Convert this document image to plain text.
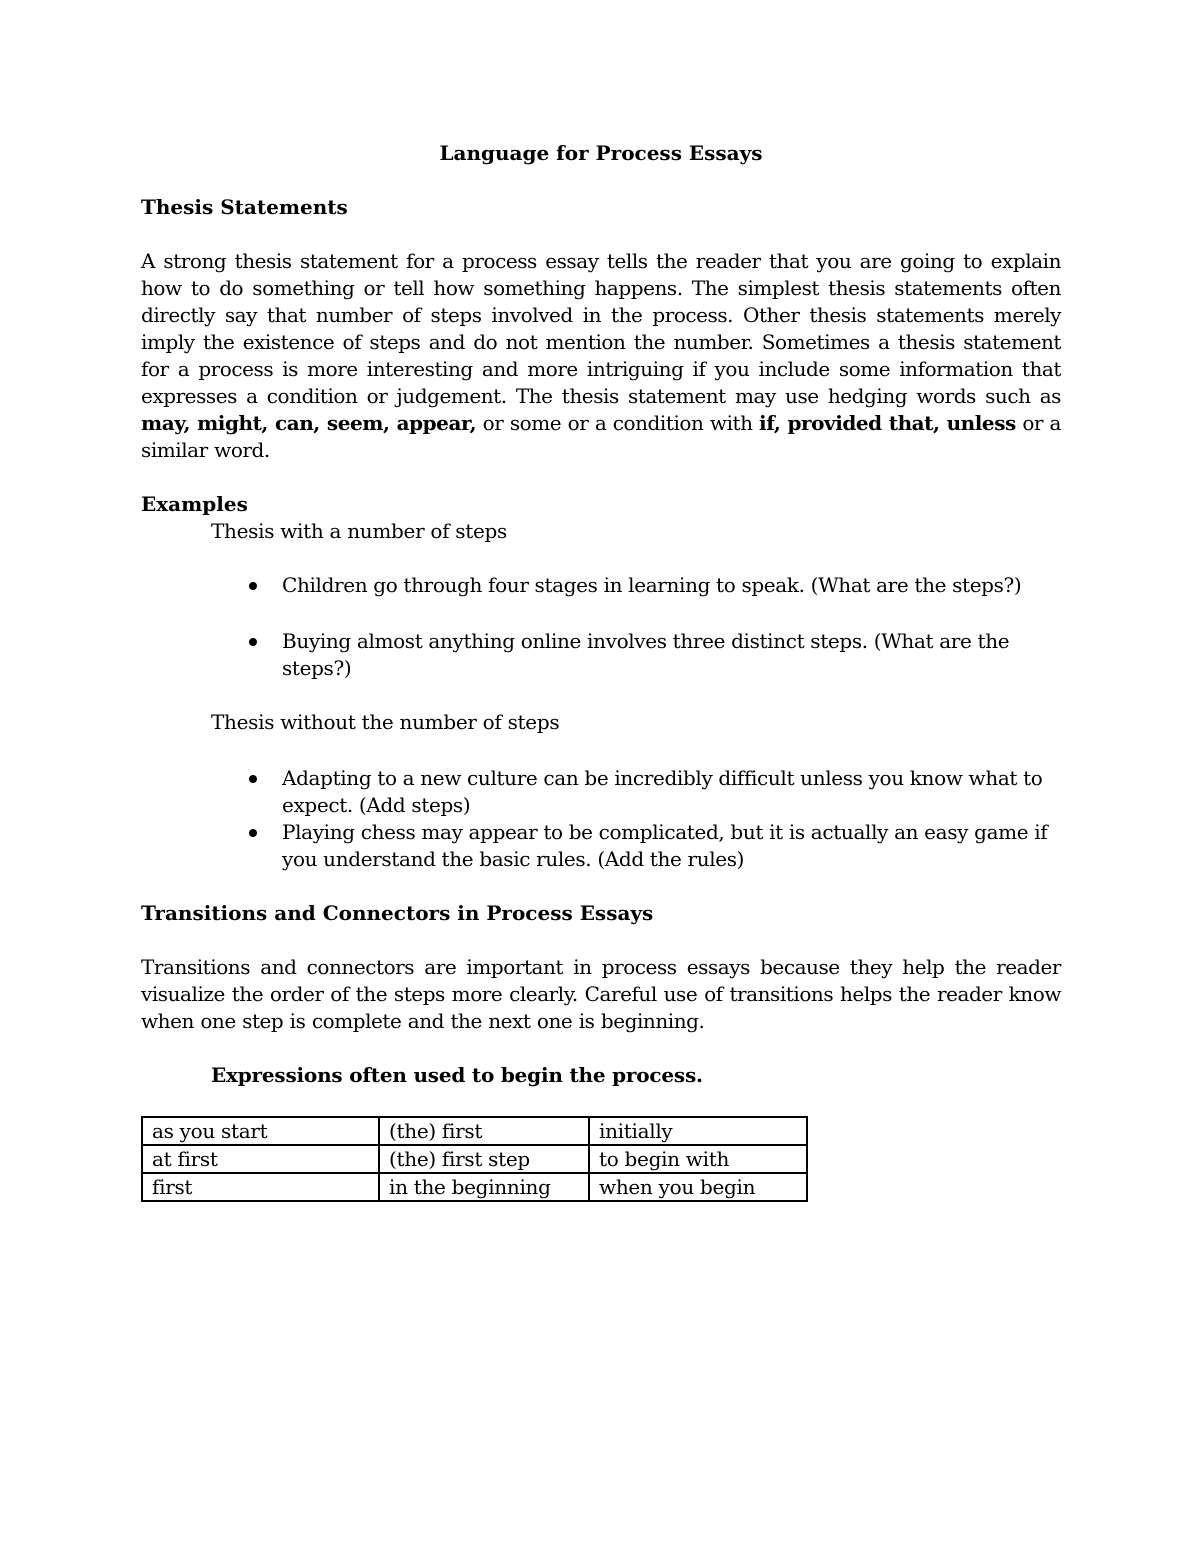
Language for Process Essays

Thesis Statements

A strong thesis statement for a process essay tells the reader that you are going to explain how to do something or tell how something happens. The simplest thesis statements often directly say that number of steps involved in the process. Other thesis statements merely imply the existence of steps and do not mention the number. Sometimes a thesis statement for a process is more interesting and more intriguing if you include some information that expresses a condition or judgement. The thesis statement may use hedging words such as may, might, can, seem, appear, or some or a condition with if, provided that, unless or a similar word.

Examples

Thesis with a number of steps

Children go through four stages in learning to speak. (What are the steps?)
Buying almost anything online involves three distinct steps. (What are the steps?)

Thesis without the number of steps

Adapting to a new culture can be incredibly difficult unless you know what to expect. (Add steps)
Playing chess may appear to be complicated, but it is actually an easy game if you understand the basic rules. (Add the rules)

Transitions and Connectors in Process Essays

Transitions and connectors are important in process essays because they help the reader visualize the order of the steps more clearly. Careful use of transitions helps the reader know when one step is complete and the next one is beginning.

Expressions often used to begin the process.

as you start	(the) first	initially
at first	(the) first step	to begin with
first	in the beginning	when you begin
